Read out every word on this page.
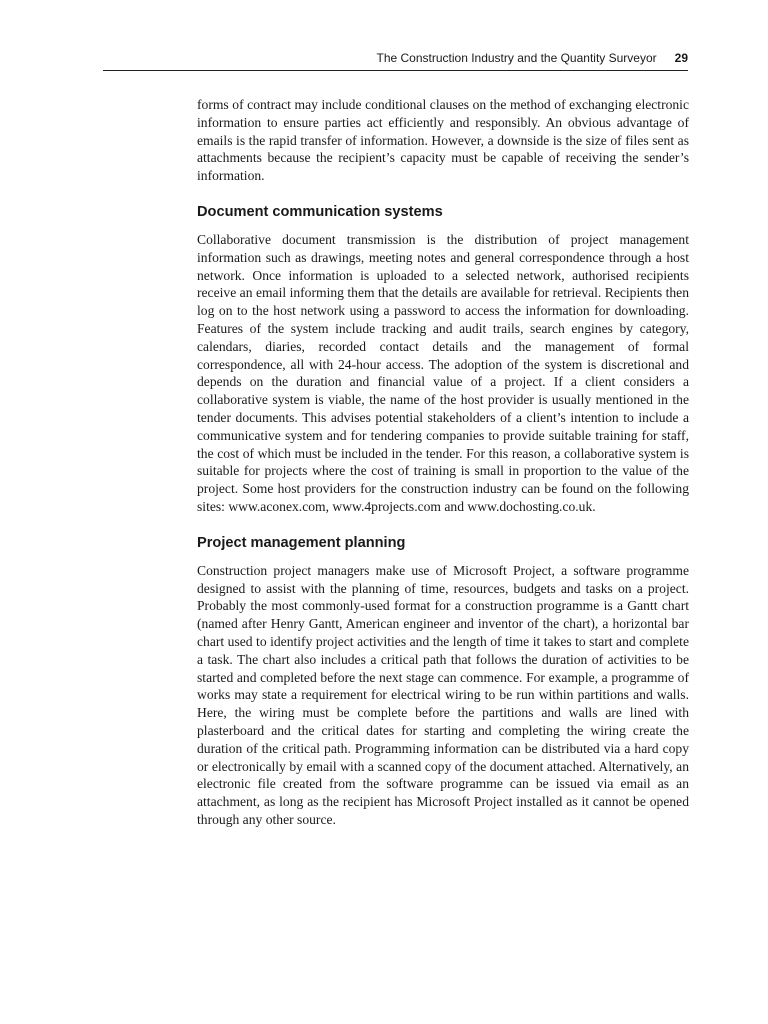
The Construction Industry and the Quantity Surveyor 29

forms of contract may include conditional clauses on the method of exchanging electronic information to ensure parties act efficiently and responsibly. An obvious advantage of emails is the rapid transfer of information. However, a downside is the size of files sent as attachments because the recipient’s capacity must be capable of receiving the sender’s information.

Document communication systems

Collaborative document transmission is the distribution of project management information such as drawings, meeting notes and general correspondence through a host network. Once information is uploaded to a selected network, authorised recipients receive an email informing them that the details are available for retrieval. Recipients then log on to the host network using a password to access the information for downloading. Features of the system include tracking and audit trails, search engines by category, calendars, diaries, recorded contact details and the management of formal correspondence, all with 24-hour access. The adoption of the system is discretional and depends on the duration and financial value of a project. If a client considers a collaborative system is viable, the name of the host provider is usually mentioned in the tender documents. This advises potential stakeholders of a client’s intention to include a communicative system and for tendering companies to provide suitable training for staff, the cost of which must be included in the tender. For this reason, a collaborative system is suitable for projects where the cost of training is small in proportion to the value of the project. Some host providers for the construction industry can be found on the following sites: www.aconex.com, www.4projects.com and www.dochosting.co.uk.

Project management planning

Construction project managers make use of Microsoft Project, a software programme designed to assist with the planning of time, resources, budgets and tasks on a project. Probably the most commonly-used format for a construction programme is a Gantt chart (named after Henry Gantt, American engineer and inventor of the chart), a horizontal bar chart used to identify project activities and the length of time it takes to start and complete a task. The chart also includes a critical path that follows the duration of activities to be started and completed before the next stage can commence. For example, a programme of works may state a requirement for electrical wiring to be run within partitions and walls. Here, the wiring must be complete before the partitions and walls are lined with plasterboard and the critical dates for starting and completing the wiring create the duration of the critical path. Programming information can be distributed via a hard copy or electronically by email with a scanned copy of the document attached. Alternatively, an electronic file created from the software programme can be issued via email as an attachment, as long as the recipient has Microsoft Project installed as it cannot be opened through any other source.
